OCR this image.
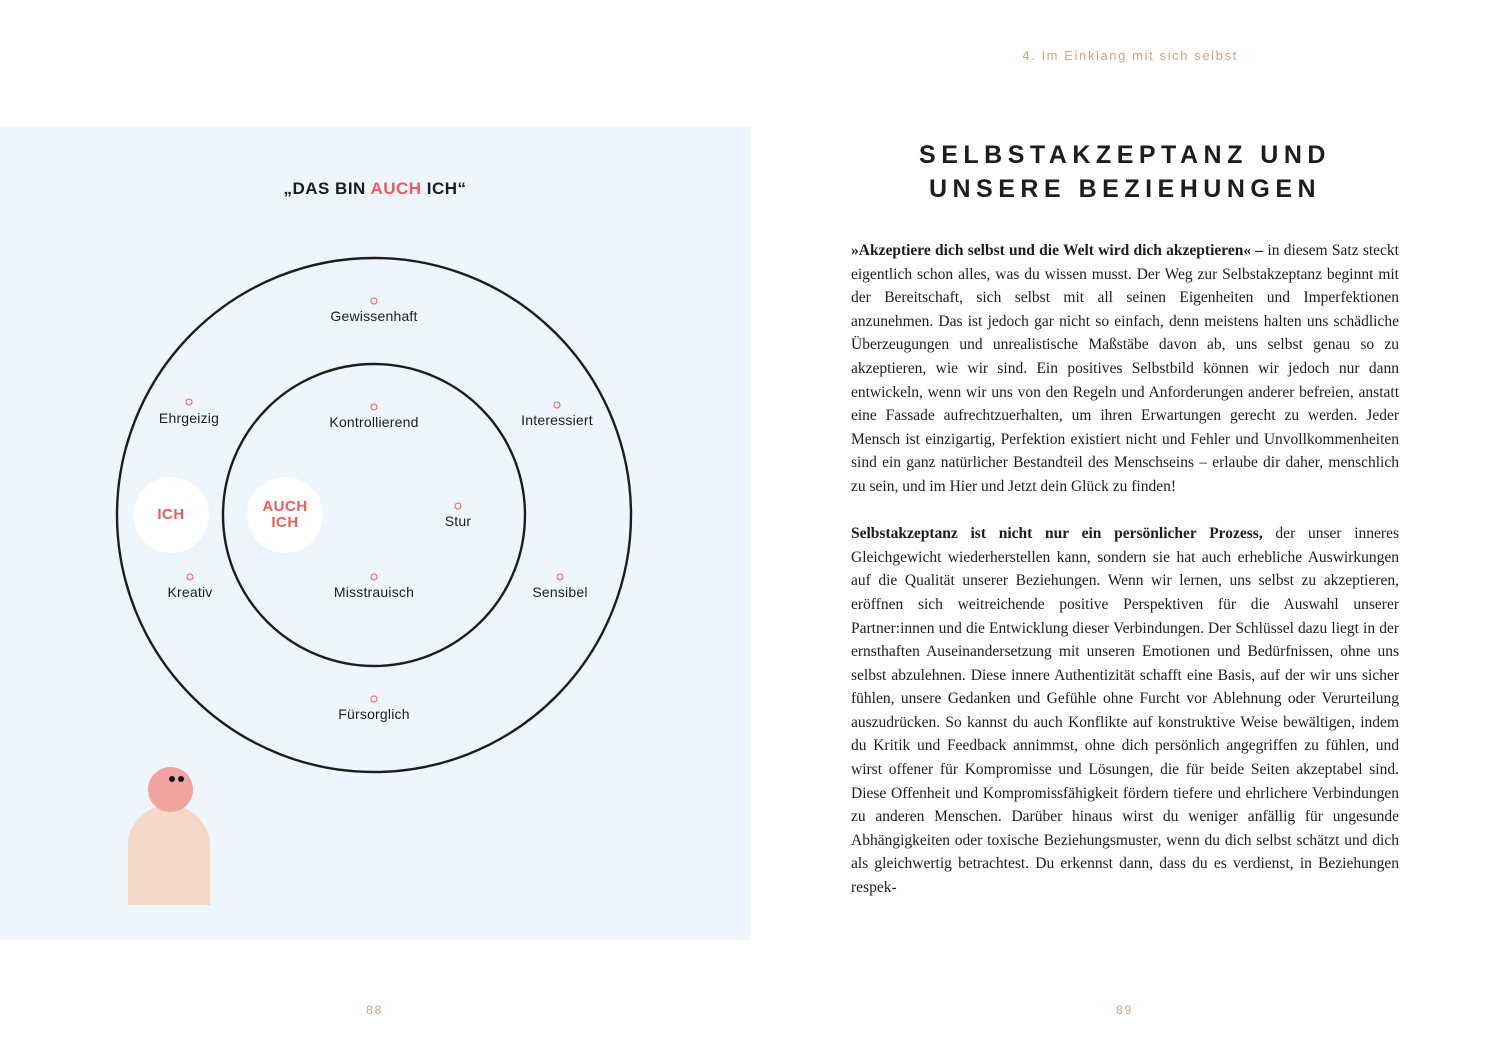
„DAS BIN AUCH ICH“
ICH	AUCH
ICH
Gewissenhaft
Ehrgeizig	Interessiert
Kreativ	Sensibel
Fürsorglich
Kontrollierend
Stur
Misstrauisch
88
4. Im Einklang mit sich selbst
SELBSTAKZEPTANZ UND
UNSERE BEZIEHUNGEN

»Akzeptiere dich selbst und die Welt wird dich akzeptieren« – in diesem Satz steckt eigentlich schon alles, was du wissen musst. Der Weg zur Selbstakzeptanz beginnt mit der Bereitschaft, sich selbst mit all seinen Eigenheiten und Imperfektionen anzunehmen. Das ist jedoch gar nicht so einfach, denn meistens halten uns schädliche Überzeugungen und unrealistische Maßstäbe davon ab, uns selbst genau so zu akzeptieren, wie wir sind. Ein positives Selbstbild können wir jedoch nur dann entwickeln, wenn wir uns von den Regeln und Anforderungen anderer befreien, anstatt eine Fassade aufrechtzuerhalten, um ihren Erwartungen gerecht zu werden. Jeder Mensch ist einzigartig, Perfektion existiert nicht und Fehler und Unvollkommenheiten sind ein ganz natürlicher Bestandteil des Menschseins – erlaube dir daher, menschlich zu sein, und im Hier und Jetzt dein Glück zu finden!

Selbstakzeptanz ist nicht nur ein persönlicher Prozess, der unser inneres Gleichgewicht wiederherstellen kann, sondern sie hat auch erhebliche Auswirkungen auf die Qualität unserer Beziehungen. Wenn wir lernen, uns selbst zu akzeptieren, eröffnen sich weitreichende positive Perspektiven für die Auswahl unserer Partner:innen und die Entwicklung dieser Verbindungen. Der Schlüssel dazu liegt in der ernsthaften Auseinandersetzung mit unseren Emotionen und Bedürfnissen, ohne uns selbst abzulehnen. Diese innere Authentizität schafft eine Basis, auf der wir uns sicher fühlen, unsere Gedanken und Gefühle ohne Furcht vor Ablehnung oder Verurteilung auszudrücken. So kannst du auch Konflikte auf konstruktive Weise bewältigen, indem du Kritik und Feedback annimmst, ohne dich persönlich angegriffen zu fühlen, und wirst offener für Kompromisse und Lösungen, die für beide Seiten akzeptabel sind. Diese Offenheit und Kompromissfähigkeit fördern tiefere und ehrlichere Verbindungen zu anderen Menschen. Darüber hinaus wirst du weniger anfällig für ungesunde Abhängigkeiten oder toxische Beziehungsmuster, wenn du dich selbst schätzt und dich als gleichwertig betrachtest. Du erkennst dann, dass du es verdienst, in Beziehungen respek-

89
